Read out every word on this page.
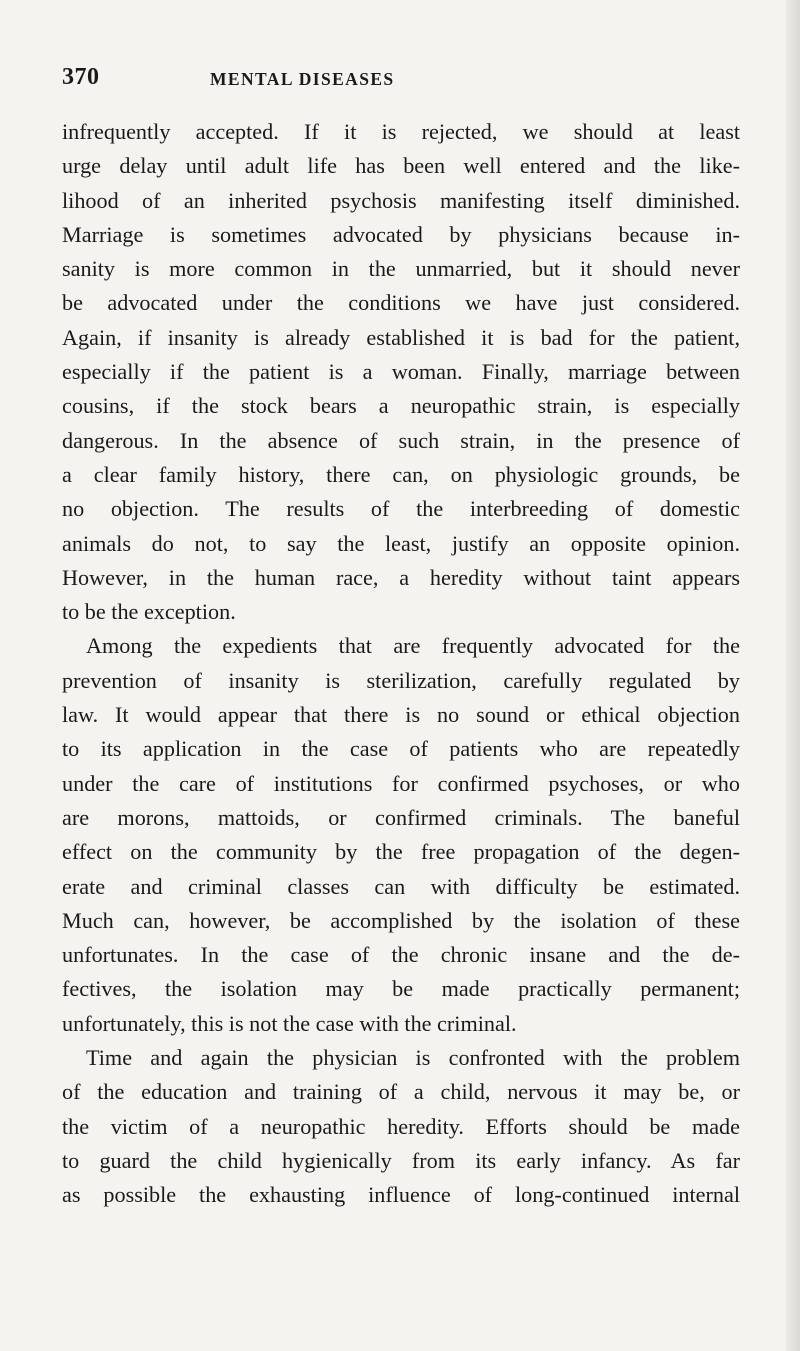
370	MENTAL DISEASES
infrequently accepted. If it is rejected, we should at least
urge delay until adult life has been well entered and the like-
lihood of an inherited psychosis manifesting itself diminished.
Marriage is sometimes advocated by physicians because in-
sanity is more common in the unmarried, but it should never
be advocated under the conditions we have just considered.
Again, if insanity is already established it is bad for the patient,
especially if the patient is a woman. Finally, marriage between
cousins, if the stock bears a neuropathic strain, is especially
dangerous. In the absence of such strain, in the presence of
a clear family history, there can, on physiologic grounds, be
no objection. The results of the interbreeding of domestic
animals do not, to say the least, justify an opposite opinion.
However, in the human race, a heredity without taint appears
to be the exception.
Among the expedients that are frequently advocated for the
prevention of insanity is sterilization, carefully regulated by
law. It would appear that there is no sound or ethical objection
to its application in the case of patients who are repeatedly
under the care of institutions for confirmed psychoses, or who
are morons, mattoids, or confirmed criminals. The baneful
effect on the community by the free propagation of the degen-
erate and criminal classes can with difficulty be estimated.
Much can, however, be accomplished by the isolation of these
unfortunates. In the case of the chronic insane and the de-
fectives, the isolation may be made practically permanent;
unfortunately, this is not the case with the criminal.
Time and again the physician is confronted with the problem
of the education and training of a child, nervous it may be, or
the victim of a neuropathic heredity. Efforts should be made
to guard the child hygienically from its early infancy. As far
as possible the exhausting influence of long-continued internal
